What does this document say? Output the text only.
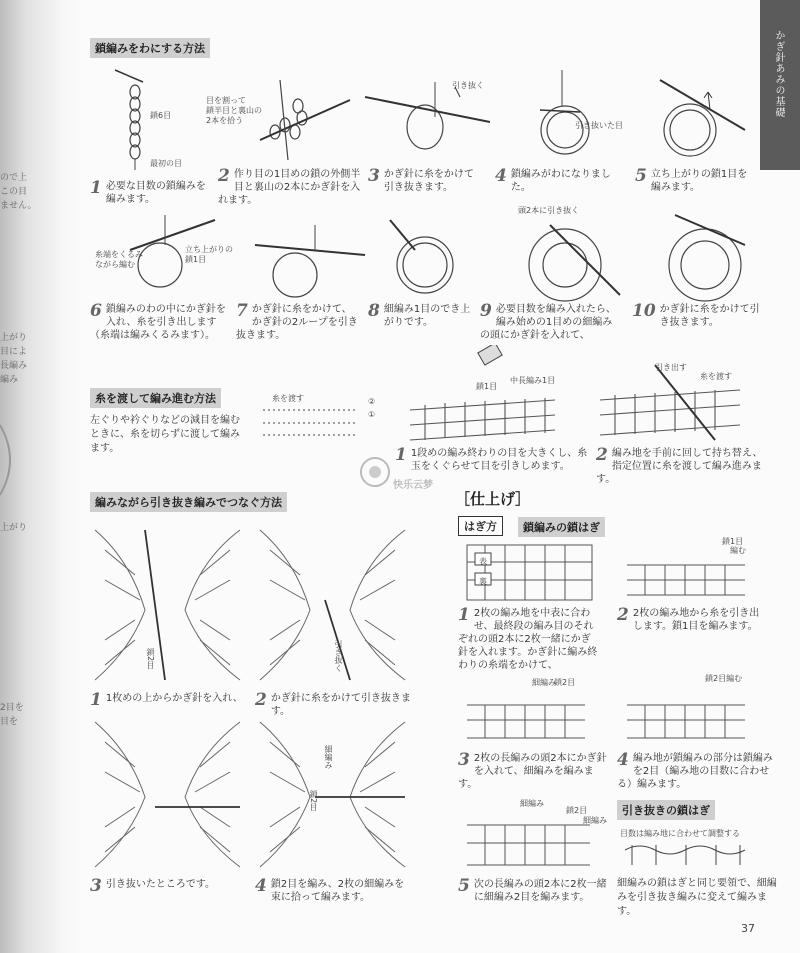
ので上
この目
ません。
上がり
目によ
長編み
編み
上がり
2目を
目を
かぎ針あみの基礎
鎖編みをわにする方法
鎖6目
最初の目
目を割って
鎖半目と裏山の
2本を拾う
引き抜く
引き抜いた目
1 必要な目数の鎖編みを編みます。
2 作り目の1目めの鎖の外側半目と裏山の2本にかぎ針を入れます。
3 かぎ針に糸をかけて引き抜きます。
4 鎖編みがわになりました。
5 立ち上がりの鎖1目を編みます。
糸端をくるみ
ながら編む
立ち上がりの
鎖1目
頭2本に引き抜く
6 鎖編みのわの中にかぎ針を入れ、糸を引き出します（糸端は編みくるみます）。
7 かぎ針に糸をかけて、かぎ針の2ループを引き抜きます。
8 細編み1目のでき上がりです。
9 必要目数を編み入れたら、編み始めの1目めの細編みの頭にかぎ針を入れて、
10 かぎ針に糸をかけて引き抜きます。
糸を渡して編み進む方法
左ぐりや衿ぐりなどの減目を編むときに、糸を切らずに渡して編みます。
糸を渡す	②
①
鎖1目
中長編み1目
引き出す
糸を渡す
1 1段めの編み終わりの目を大きくし、糸玉をくぐらせて目を引きしめます。
2 編み地を手前に回して持ち替え、指定位置に糸を渡して編み進みます。
快乐云梦
編みながら引き抜き編みでつなぐ方法
鎖2目	引き抜く
1 1枚めの上からかぎ針を入れ、 2 かぎ針に糸をかけて引き抜きます。
細編み
鎖2目
3 引き抜いたところです。	4 鎖2目を編み、2枚の細編みを束に拾って編みます。
［仕上げ］
はぎ方	鎖編みの鎖はぎ
表
裏
鎖1目
編む
1 2枚の編み地を中表に合わせ、最終段の編み目のそれぞれの頭2本に2枚一緒にかぎ針を入れます。かぎ針に編み終わりの糸端をかけて、
2 2枚の編み地から糸を引き出します。鎖1目を編みます。
細編み
鎖2目	鎖2目編む
3 2枚の長編みの頭2本にかぎ針を入れて、細編みを編みます。
4 編み地が鎖編みの部分は鎖編みを2目（編み地の目数に合わせる）編みます。
細編み
鎖2目
細編み
5 次の長編みの頭2本に2枚一緒に細編み2目を編みます。
引き抜きの鎖はぎ
目数は編み地に合わせて調整する
細編みの鎖はぎと同じ要領で、細編みを引き抜き編みに変えて編みます。
37
